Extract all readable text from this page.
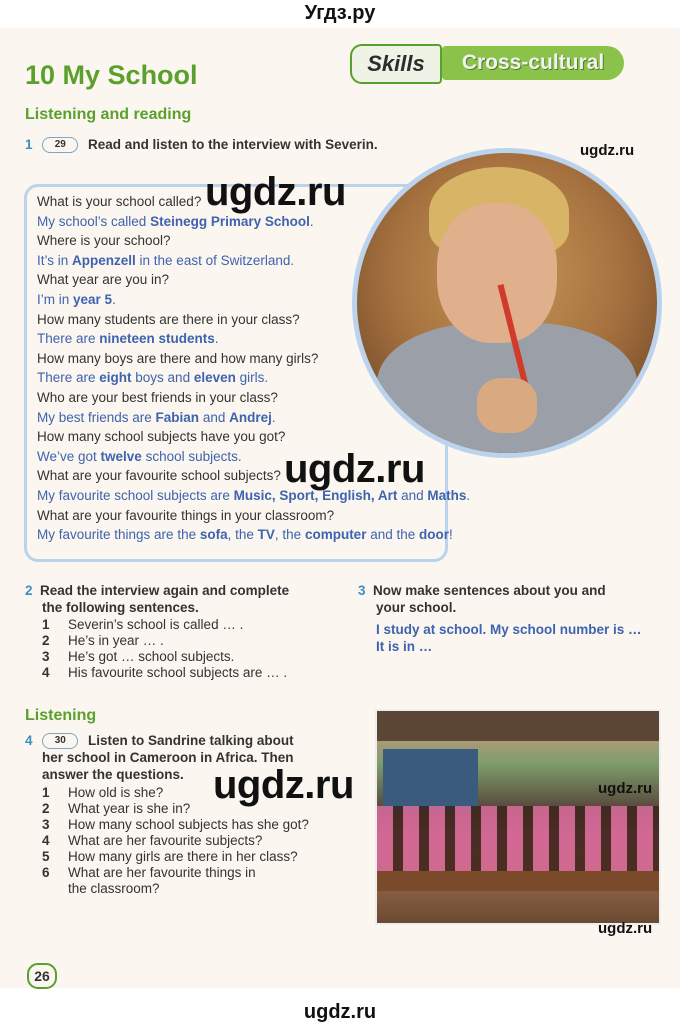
Угдз.ру
10 My School	Skills	Cross-cultural
Listening and reading
1 29 Read and listen to the interview with Severin.
What is your school called?
My school’s called Steinegg Primary School.
Where is your school?
It’s in Appenzell in the east of Switzerland.
What year are you in?
I’m in year 5.
How many students are there in your class?
There are nineteen students.
How many boys are there and how many girls?
There are eight boys and eleven girls.
Who are your best friends in your class?
My best friends are Fabian and Andrej.
How many school subjects have you got?
We’ve got twelve school subjects.
What are your favourite school subjects?
My favourite school subjects are Music, Sport, English, Art and Maths.
What are your favourite things in your classroom?
My favourite things are the sofa, the TV, the computer and the door!
2 Read the interview again and complete
the following sentences.
1 Severin’s school is called … .
2 He’s in year … .
3 He’s got … school subjects.
4 His favourite school subjects are … .
3 Now make sentences about you and
your school.
I study at school. My school number is …
It is in …
Listening
4 30 Listen to Sandrine talking about
her school in Cameroon in Africa. Then
answer the questions.
1 How old is she?
2 What year is she in?
3 How many school subjects has she got?
4 What are her favourite subjects?
5 How many girls are there in her class?
6 What are her favourite things in
the classroom?
26
ugdz.ru
ugdz.ru
ugdz.ru
ugdz.ru
ugdz.ru
ugdz.ru
ugdz.ru
